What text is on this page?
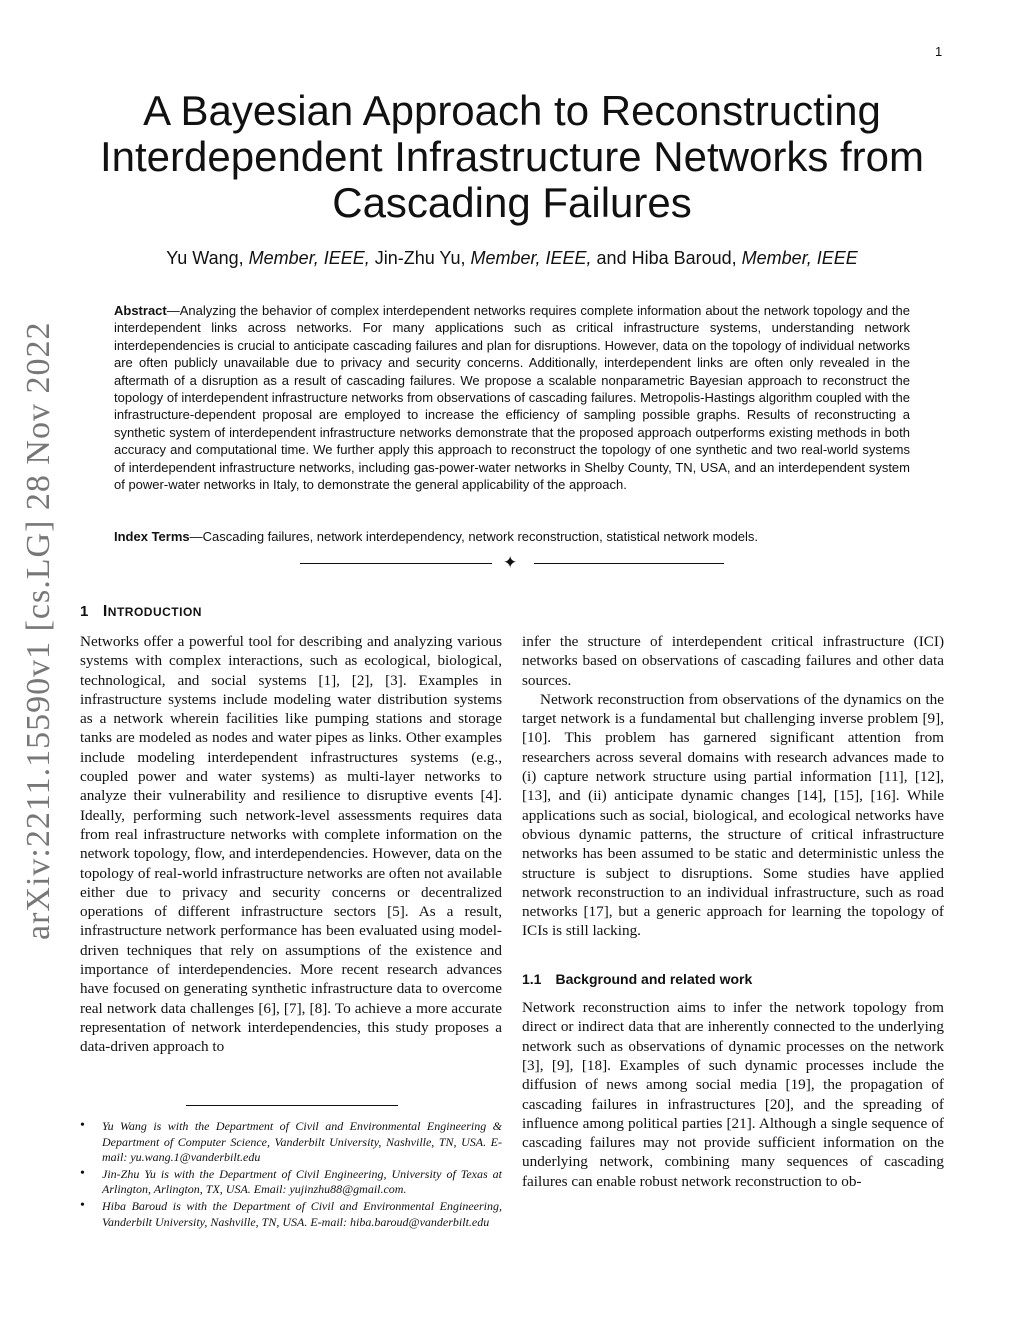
1
arXiv:2211.15590v1 [cs.LG] 28 Nov 2022
A Bayesian Approach to Reconstructing
Interdependent Infrastructure Networks from
Cascading Failures
Yu Wang, Member, IEEE, Jin-Zhu Yu, Member, IEEE, and Hiba Baroud, Member, IEEE
Abstract—Analyzing the behavior of complex interdependent networks requires complete information about the network topology and the interdependent links across networks. For many applications such as critical infrastructure systems, understanding network interdependencies is crucial to anticipate cascading failures and plan for disruptions. However, data on the topology of individual networks are often publicly unavailable due to privacy and security concerns. Additionally, interdependent links are often only revealed in the aftermath of a disruption as a result of cascading failures. We propose a scalable nonparametric Bayesian approach to reconstruct the topology of interdependent infrastructure networks from observations of cascading failures. Metropolis-Hastings algorithm coupled with the infrastructure-dependent proposal are employed to increase the efficiency of sampling possible graphs. Results of reconstructing a synthetic system of interdependent infrastructure networks demonstrate that the proposed approach outperforms existing methods in both accuracy and computational time. We further apply this approach to reconstruct the topology of one synthetic and two real-world systems of interdependent infrastructure networks, including gas-power-water networks in Shelby County, TN, USA, and an interdependent system of power-water networks in Italy, to demonstrate the general applicability of the approach.
Index Terms—Cascading failures, network interdependency, network reconstruction, statistical network models.
✦
1 INTRODUCTION

Networks offer a powerful tool for describing and analyzing various systems with complex interactions, such as ecological, biological, technological, and social systems [1], [2], [3]. Examples in infrastructure systems include modeling water distribution systems as a network wherein facilities like pumping stations and storage tanks are modeled as nodes and water pipes as links. Other examples include modeling interdependent infrastructures systems (e.g., coupled power and water systems) as multi-layer networks to analyze their vulnerability and resilience to disruptive events [4]. Ideally, performing such network-level assessments requires data from real infrastructure networks with complete information on the network topology, flow, and interdependencies. However, data on the topology of real-world infrastructure networks are often not available either due to privacy and security concerns or decentralized operations of different infrastructure sectors [5]. As a result, infrastructure network performance has been evaluated using model-driven techniques that rely on assumptions of the existence and importance of interdependencies. More recent research advances have focused on generating synthetic infrastructure data to overcome real network data challenges [6], [7], [8]. To achieve a more accurate representation of network interdependencies, this study proposes a data-driven approach to

infer the structure of interdependent critical infrastructure (ICI) networks based on observations of cascading failures and other data sources.

Network reconstruction from observations of the dynamics on the target network is a fundamental but challenging inverse problem [9], [10]. This problem has garnered significant attention from researchers across several domains with research advances made to (i) capture network structure using partial information [11], [12], [13], and (ii) anticipate dynamic changes [14], [15], [16]. While applications such as social, biological, and ecological networks have obvious dynamic patterns, the structure of critical infrastructure networks has been assumed to be static and deterministic unless the structure is subject to disruptions. Some studies have applied network reconstruction to an individual infrastructure, such as road networks [17], but a generic approach for learning the topology of ICIs is still lacking.

1.1 Background and related work

Network reconstruction aims to infer the network topology from direct or indirect data that are inherently connected to the underlying network such as observations of dynamic processes on the network [3], [9], [18]. Examples of such dynamic processes include the diffusion of news among social media [19], the propagation of cascading failures in infrastructures [20], and the spreading of influence among political parties [21]. Although a single sequence of cascading failures may not provide sufficient information on the underlying network, combining many sequences of cascading failures can enable robust network reconstruction to ob-

• Yu Wang is with the Department of Civil and Environmental Engineering & Department of Computer Science, Vanderbilt University, Nashville, TN, USA. E-mail: yu.wang.1@vanderbilt.edu
• Jin-Zhu Yu is with the Department of Civil Engineering, University of Texas at Arlington, Arlington, TX, USA. Email: yujinzhu88@gmail.com.
• Hiba Baroud is with the Department of Civil and Environmental Engineering, Vanderbilt University, Nashville, TN, USA. E-mail: hiba.baroud@vanderbilt.edu
